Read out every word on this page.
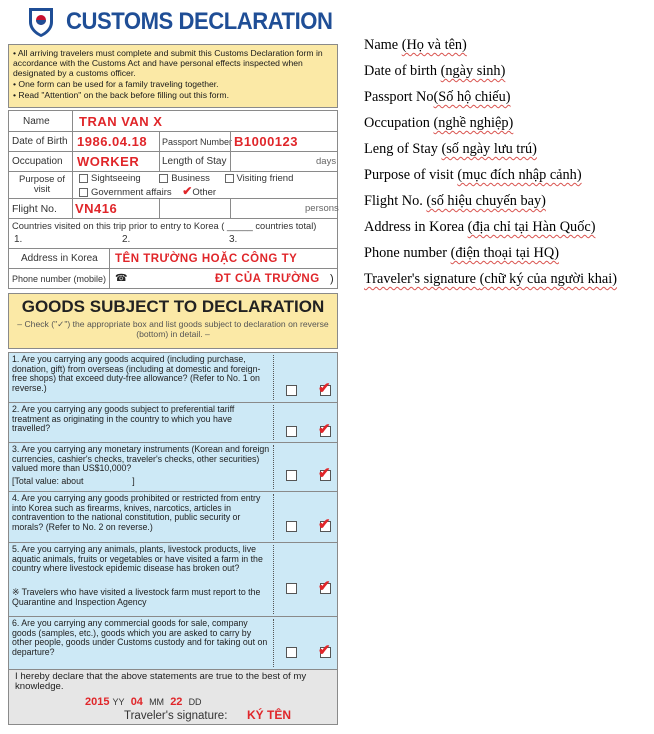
CUSTOMS DECLARATION

• All arriving travelers must complete and submit this Customs Declaration form in accordance with the Customs Act and have personal effects inspected when designated by a customs officer.

• One form can be used for a family traveling together.

• Read "Attention" on the back before filling out this form.

Name TRAN VAN X
Date of Birth 1986.04.18 Passport Number B1000123
Occupation WORKER Length of Stay	days
Purpose of visit
Sightseeing	Business	Visiting friend
Government affairs ✔Other
Flight No. VN416	persons
Countries visited on this trip prior to entry to Korea ( _____ countries total)
1.	2.	3.
Address in Korea TÊN TRƯỜNG HOẶC CÔNG TY
Phone number (mobile) ☎	ĐT CỦA TRƯỜNG )
GOODS SUBJECT TO DECLARATION
– Check ("✓") the appropriate box and list goods subject to declaration on reverse (bottom) in detail. –
1. Are you carrying any goods acquired (including purchase, donation, gift) from overseas (including at domestic and foreign-free shops) that exceed duty-free allowance? (Refer to No. 1 on reverse.)	✔
2. Are you carrying any goods subject to preferential tariff treatment as originating in the country to which you have travelled?	✔
3. Are you carrying any monetary instruments (Korean and foreign currencies, cashier's checks, traveler's checks, other securities) valued more than US$10,000?
[Total value: about                    ]	✔
4. Are you carrying any goods prohibited or restricted from entry into Korea such as firearms, knives, narcotics, articles in contravention to the national constitution, public security or morals? (Refer to No. 2 on reverse.)	✔
5. Are you carrying any animals, plants, livestock products, live aquatic animals, fruits or vegetables or have visited a farm in the country where livestock epidemic disease has broken out?
※ Travelers who have visited a livestock farm must report to the Quarantine and Inspection Agency
✔
6. Are you carrying any commercial goods for sale, company goods (samples, etc.), goods which you are asked to carry by other people, goods under Customs custody and for taking out on departure?	✔
I hereby declare that the above statements are true to the best of my knowledge.
2015 YY 04 MM 22 DD
Traveler's signature: KÝ TÊN
Name (Họ và tên)
Date of birth (ngày sinh)
Passport No(Số hộ chiếu)
Occupation (nghề nghiệp)
Leng of Stay (số ngày lưu trú)
Purpose of visit (mục đích nhập cảnh)
Flight No. (số hiệu chuyến bay)
Address in Korea (địa chỉ tại Hàn Quốc)
Phone number (điện thoại tại HQ)
Traveler's signature (chữ ký của người khai)
